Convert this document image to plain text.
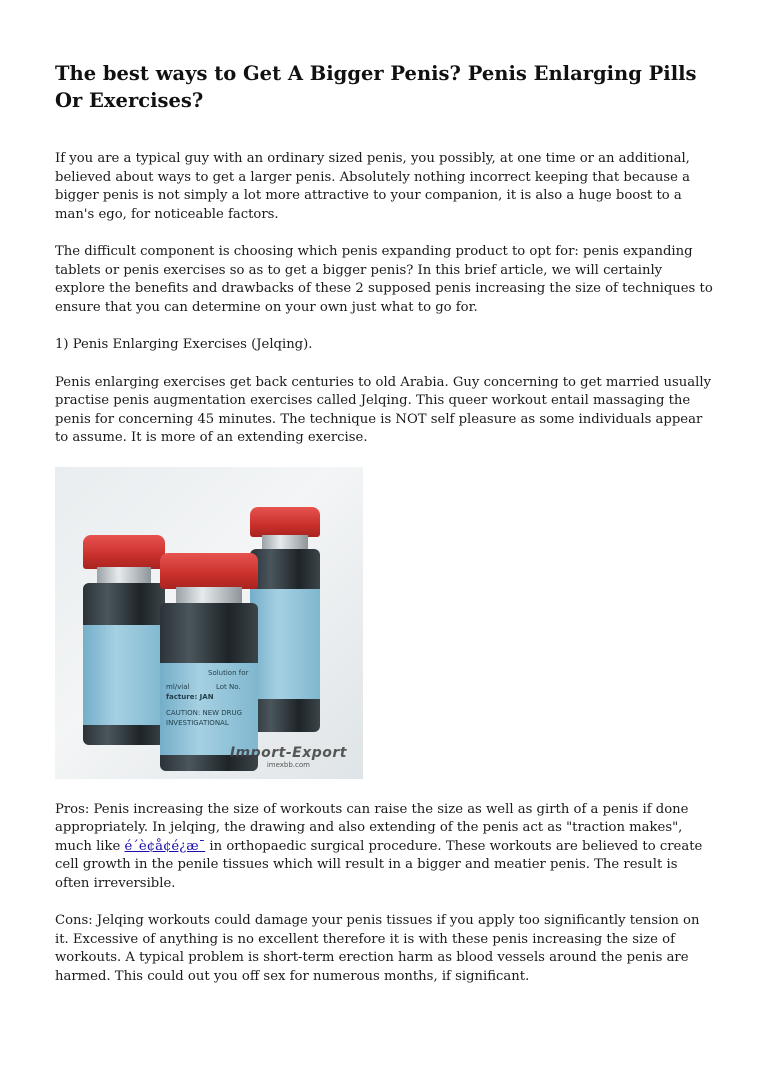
The best ways to Get A Bigger Penis? Penis Enlarging Pills Or Exercises?

If you are a typical guy with an ordinary sized penis, you possibly, at one time or an additional, believed about ways to get a larger penis. Absolutely nothing incorrect keeping that because a bigger penis is not simply a lot more attractive to your companion, it is also a huge boost to a man's ego, for noticeable factors.

The difficult component is choosing which penis expanding product to opt for: penis expanding tablets or penis exercises so as to get a bigger penis? In this brief article, we will certainly explore the benefits and drawbacks of these 2 supposed penis increasing the size of techniques to ensure that you can determine on your own just what to go for.

1) Penis Enlarging Exercises (Jelqing).

Penis enlarging exercises get back centuries to old Arabia. Guy concerning to get married usually practise penis augmentation exercises called Jelqing. This queer workout entail massaging the penis for concerning 45 minutes. The technique is NOT self pleasure as some individuals appear to assume. It is more of an extending exercise.

Solution for
ml/vial
facture: JAN
Lot No.
CAUTION: NEW DRUG
INVESTIGATIONAL
Import-Export
imexbb.com

Pros: Penis increasing the size of workouts can raise the size as well as girth of a penis if done appropriately. In jelqing, the drawing and also extending of the penis act as "traction makes", much like é´è¢å¢é¿æ¯ in orthopaedic surgical procedure. These workouts are believed to create cell growth in the penile tissues which will result in a bigger and meatier penis. The result is often irreversible.

Cons: Jelqing workouts could damage your penis tissues if you apply too significantly tension on it. Excessive of anything is no excellent therefore it is with these penis increasing the size of workouts. A typical problem is short-term erection harm as blood vessels around the penis are harmed. This could out you off sex for numerous months, if significant.
